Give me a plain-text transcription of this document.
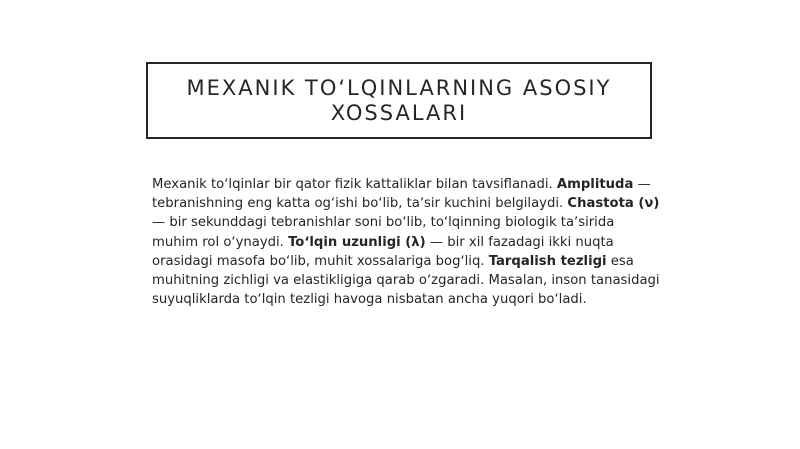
MEXANIK TOʻLQINLARNING ASOSIY XOSSALARI

Mexanik toʻlqinlar bir qator fizik kattaliklar bilan tavsiflanadi. Amplituda — tebranishning eng katta ogʻishi boʻlib, taʼsir kuchini belgilaydi. Chastota (ν) — bir sekunddagi tebranishlar soni boʻlib, toʻlqinning biologik taʼsirida muhim rol oʻynaydi. Toʻlqin uzunligi (λ) — bir xil fazadagi ikki nuqta orasidagi masofa boʻlib, muhit xossalariga bogʻliq. Tarqalish tezligi esa muhitning zichligi va elastikligiga qarab oʻzgaradi. Masalan, inson tanasidagi suyuqliklarda toʻlqin tezligi havoga nisbatan ancha yuqori boʻladi.
